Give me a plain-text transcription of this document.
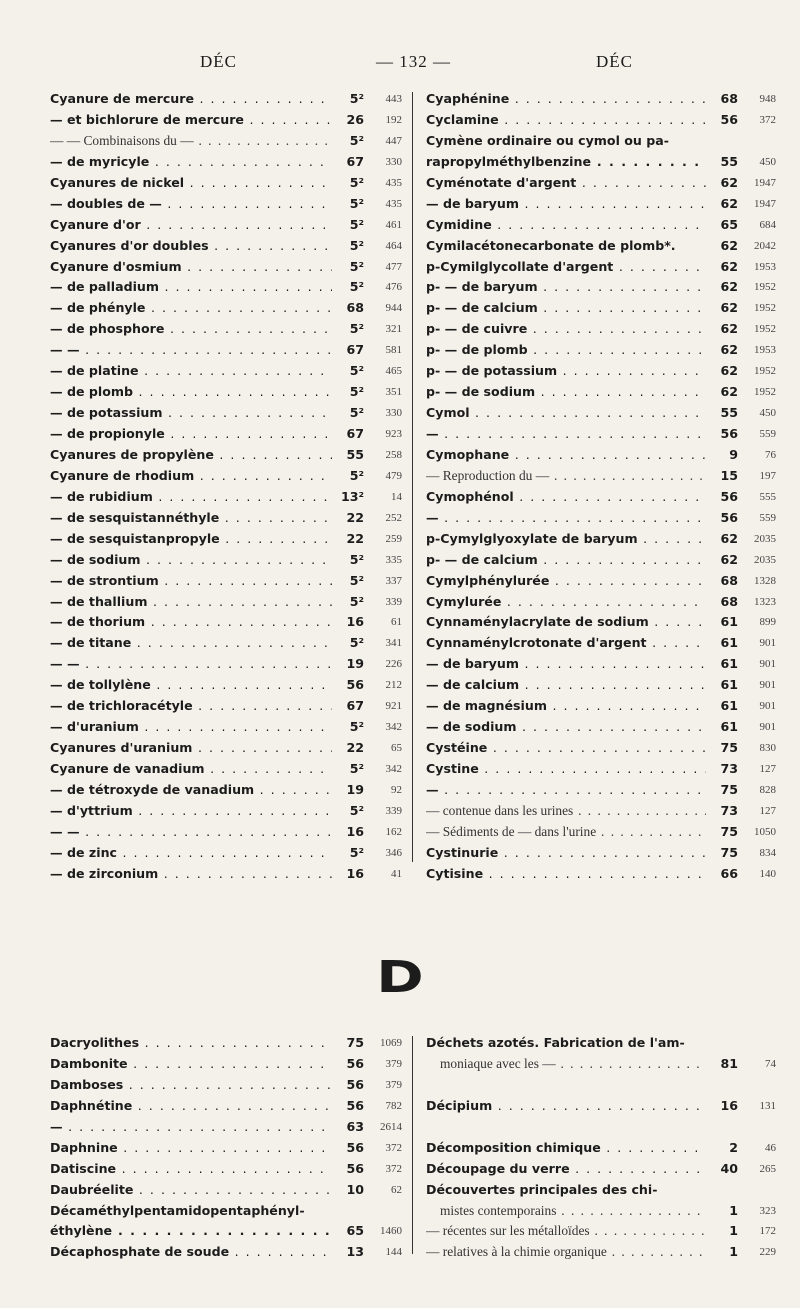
DÉC	— 132 —	DÉC
Cyanure de mercure . . .	5²	443
— et bichlorure de mercure . . .	26	192
— — Combinaisons du — . . .	5²	447
— de myricyle . . .	67	330
Cyanures de nickel . . .	5²	435
— doubles de — . . .	5²	435
Cyanure d'or . . .	5²	461
Cyanures d'or doubles . . .	5²	464
Cyanure d'osmium . . .	5²	477
— de palladium . . .	5²	476
— de phényle . . .	68	944
— de phosphore . . .	5²	321
— — . . .	67	581
— de platine . . .	5²	465
— de plomb . . .	5²	351
— de potassium . . .	5²	330
— de propionyle . . .	67	923
Cyanures de propylène . . .	55	258
Cyanure de rhodium . . .	5²	479
— de rubidium . . .	13²	14
— de sesquistannéthyle . . .	22	252
— de sesquistanpropyle . . .	22	259
— de sodium . . .	5²	335
— de strontium . . .	5²	337
— de thallium . . .	5²	339
— de thorium . . .	16	61
— de titane . . .	5²	341
— — . . .	19	226
— de tollylène . . .	56	212
— de trichloracétyle . . .	67	921
— d'uranium . . .	5²	342
Cyanures d'uranium . . .	22	65
Cyanure de vanadium . . .	5²	342
— de tétroxyde de vanadium . . .	19	92
— d'yttrium . . .	5²	339
— — . . .	16	162
— de zinc . . .	5²	346
— de zirconium . . .	16	41
Cyaphénine . . .	68	948
Cyclamine . . .	56	372
Cymène ordinaire ou cymol ou pa-
rapropylméthylbenzine . . .	55	450
Cyménotate d'argent . . .	62	1947
— de baryum . . .	62	1947
Cymidine . . .	65	684
Cymilacétonecarbonate de plomb*.	62	2042
p-Cymilglycollate d'argent . . .	62	1953
p- — de baryum . . .	62	1952
p- — de calcium . . .	62	1952
p- — de cuivre . . .	62	1952
p- — de plomb . . .	62	1953
p- — de potassium . . .	62	1952
p- — de sodium . . .	62	1952
Cymol . . .	55	450
— . . .	56	559
Cymophane . . .	9	76
— Reproduction du — . . .	15	197
Cymophénol . . .	56	555
— . . .	56	559
p-Cymylglyoxylate de baryum . . .	62	2035
p- — de calcium . . .	62	2035
Cymylphénylurée . . .	68	1328
Cymylurée . . .	68	1323
Cynnaménylacrylate de sodium . . .	61	899
Cynnaménylcrotonate d'argent . . .	61	901
— de baryum . . .	61	901
— de calcium . . .	61	901
— de magnésium . . .	61	901
— de sodium . . .	61	901
Cystéine . . .	75	830
Cystine . . .	73	127
— . . .	75	828
— contenue dans les urines . . .	73	127
— Sédiments de — dans l'urine . . .	75	1050
Cystinurie . . .	75	834
Cytisine . . .	66	140
D
Dacryolithes . . .	75	1069
Dambonite . . .	56	379
Damboses . . .	56	379
Daphnétine . . .	56	782
— . . .	63	2614
Daphnine . . .	56	372
Datiscine . . .	56	372
Daubréelite . . .	10	62
Décaméthylpentamidopentaphényl-
éthylène . . .	65	1460
Décaphosphate de soude . . .	13	144
Déchets azotés. Fabrication de l'am-
moniaque avec les — . . .	81	74
Décipium . . .	16	131
Décomposition chimique . . .	2	46
Découpage du verre . . .	40	265
Découvertes principales des chi-
mistes contemporains . . .	1	323
— récentes sur les métalloïdes . . .	1	172
— relatives à la chimie organique . . .	1	229
